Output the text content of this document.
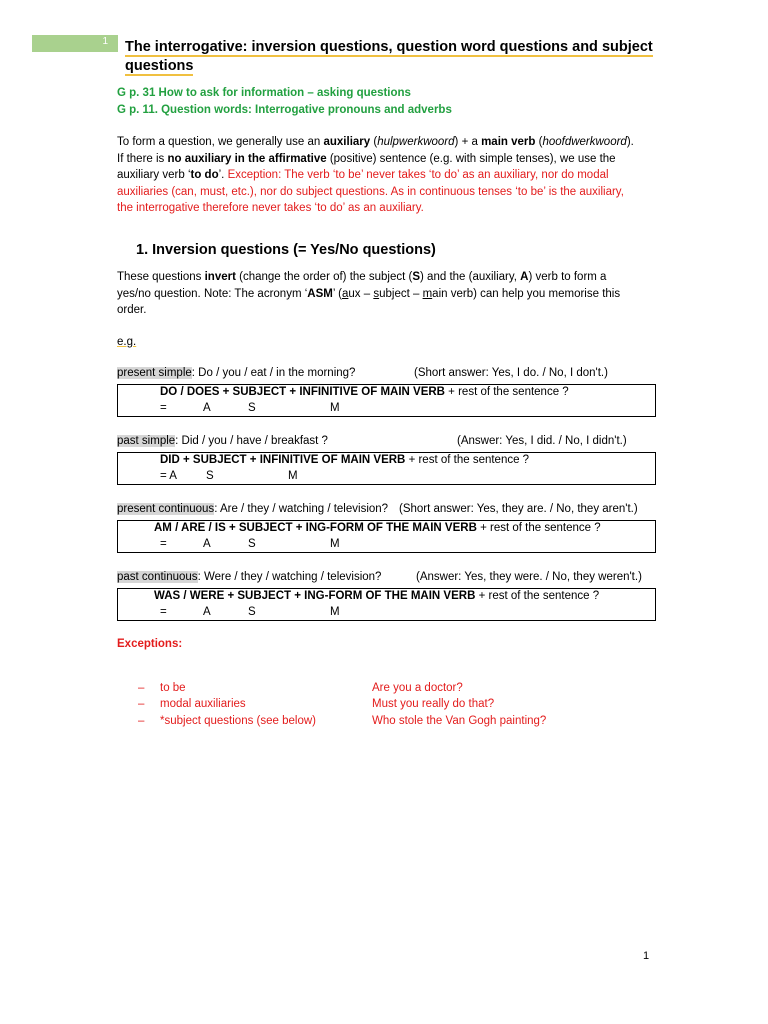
1 The interrogative: inversion questions, question word questions and subject questions
G p. 31 How to ask for information – asking questions
G p. 11. Question words: Interrogative pronouns and adverbs
To form a question, we generally use an auxiliary (hulpwerkwoord) + a main verb (hoofdwerkwoord).
If there is no auxiliary in the affirmative (positive) sentence (e.g. with simple tenses), we use the
auxiliary verb ‘to do’. Exception: The verb ‘to be’ never takes ‘to do’ as an auxiliary, nor do modal
auxiliaries (can, must, etc.), nor do subject questions. As in continuous tenses ‘to be’ is the auxiliary,
the interrogative therefore never takes ‘to do’ as an auxiliary.
1. Inversion questions (= Yes/No questions)
These questions invert (change the order of) the subject (S) and the (auxiliary, A) verb to form a
yes/no question. Note: The acronym ‘ASM’ (aux – subject – main verb) can help you memorise this
order.
e.g.
present simple: Do / you / eat / in the morning?	(Short answer: Yes, I do. / No, I don't.)
DO / DOES + SUBJECT + INFINITIVE OF MAIN VERB + rest of the sentence ?
=	A	S	M
past simple: Did / you / have / breakfast ?	(Answer: Yes, I did. / No, I didn't.)
DID + SUBJECT + INFINITIVE OF MAIN VERB + rest of the sentence ?
= A	S	M
present continuous: Are / they / watching / television? (Short answer: Yes, they are. / No, they aren't.)
AM / ARE / IS + SUBJECT + ING-FORM OF THE MAIN VERB + rest of the sentence ?
=	A	S	M
past continuous: Were / they / watching / television?	(Answer: Yes, they were. / No, they weren't.)
WAS / WERE + SUBJECT + ING-FORM OF THE MAIN VERB + rest of the sentence ?
=	A	S	M
Exceptions:
– to be	Are you a doctor?
– modal auxiliaries	Must you really do that?
– *subject questions (see below)	Who stole the Van Gogh painting?
1
